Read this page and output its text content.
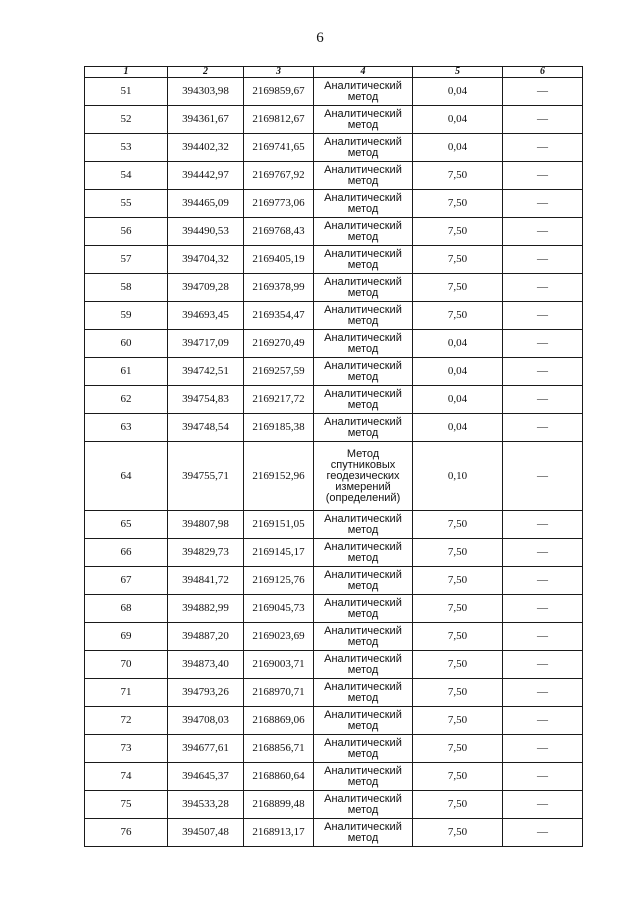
6
1	2	3	4	5	6
51	394303,98	2169859,67	Аналитический метод	0,04	—
52	394361,67	2169812,67	Аналитический метод	0,04	—
53	394402,32	2169741,65	Аналитический метод	0,04	—
54	394442,97	2169767,92	Аналитический метод	7,50	—
55	394465,09	2169773,06	Аналитический метод	7,50	—
56	394490,53	2169768,43	Аналитический метод	7,50	—
57	394704,32	2169405,19	Аналитический метод	7,50	—
58	394709,28	2169378,99	Аналитический метод	7,50	—
59	394693,45	2169354,47	Аналитический метод	7,50	—
60	394717,09	2169270,49	Аналитический метод	0,04	—
61	394742,51	2169257,59	Аналитический метод	0,04	—
62	394754,83	2169217,72	Аналитический метод	0,04	—
63	394748,54	2169185,38	Аналитический метод	0,04	—
64	394755,71	2169152,96	Метод спутниковых геодезических измерений (определений)	0,10	—
65	394807,98	2169151,05	Аналитический метод	7,50	—
66	394829,73	2169145,17	Аналитический метод	7,50	—
67	394841,72	2169125,76	Аналитический метод	7,50	—
68	394882,99	2169045,73	Аналитический метод	7,50	—
69	394887,20	2169023,69	Аналитический метод	7,50	—
70	394873,40	2169003,71	Аналитический метод	7,50	—
71	394793,26	2168970,71	Аналитический метод	7,50	—
72	394708,03	2168869,06	Аналитический метод	7,50	—
73	394677,61	2168856,71	Аналитический метод	7,50	—
74	394645,37	2168860,64	Аналитический метод	7,50	—
75	394533,28	2168899,48	Аналитический метод	7,50	—
76	394507,48	2168913,17	Аналитический метод	7,50	—
